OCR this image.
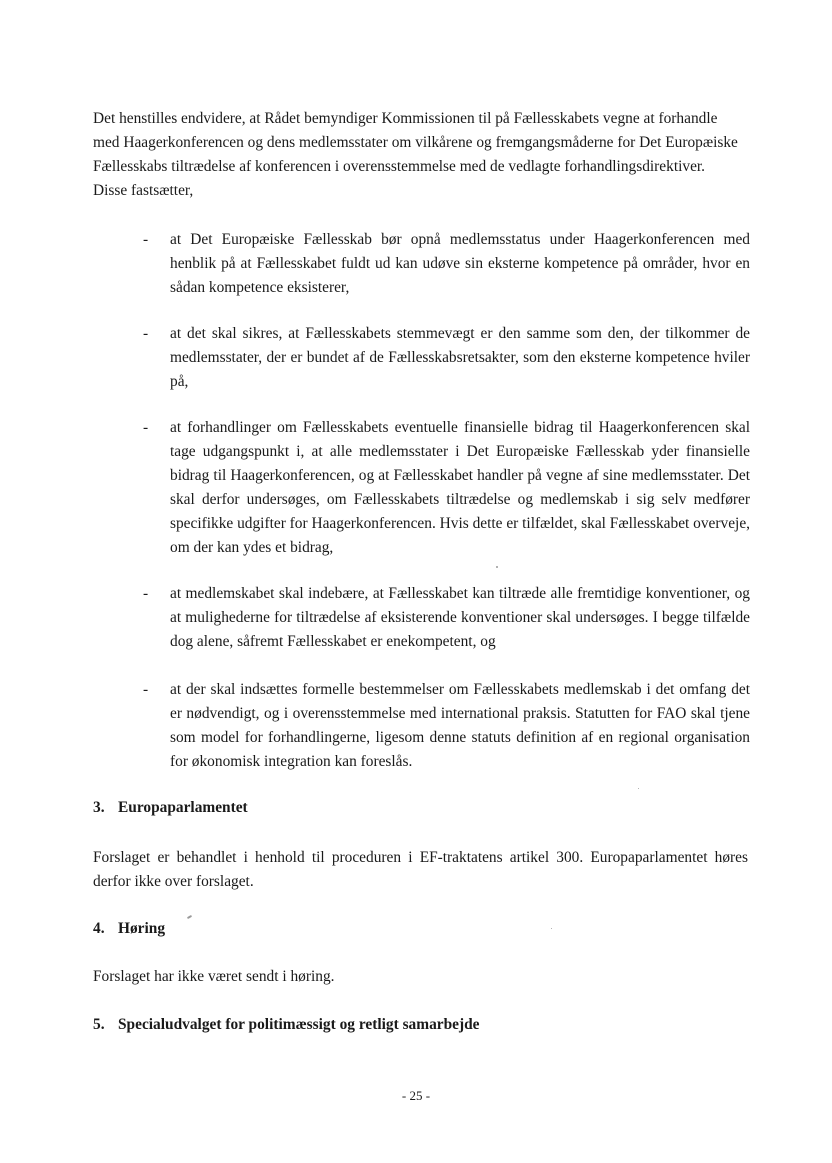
Det henstilles endvidere, at Rådet bemyndiger Kommissionen til på Fællesskabets vegne at forhandle med Haagerkonferencen og dens medlemsstater om vilkårene og fremgangsmåderne for Det Europæiske Fællesskabs tiltrædelse af konferencen i overensstemmelse med de vedlagte forhandlingsdirektiver. Disse fastsætter,
-	at Det Europæiske Fællesskab bør opnå medlemsstatus under Haagerkonferencen med henblik på at Fællesskabet fuldt ud kan udøve sin eksterne kompetence på områder, hvor en sådan kompetence eksisterer,
-	at det skal sikres, at Fællesskabets stemmevægt er den samme som den, der tilkommer de medlemsstater, der er bundet af de Fællesskabsretsakter, som den eksterne kompetence hviler på,
-	at forhandlinger om Fællesskabets eventuelle finansielle bidrag til Haagerkonferencen skal tage udgangspunkt i, at alle medlemsstater i Det Europæiske Fællesskab yder finansielle bidrag til Haagerkonferencen, og at Fællesskabet handler på vegne af sine medlemsstater. Det skal derfor undersøges, om Fællesskabets tiltrædelse og medlemskab i sig selv medfører specifikke udgifter for Haagerkonferencen. Hvis dette er tilfældet, skal Fællesskabet overveje, om der kan ydes et bidrag,
-	at medlemskabet skal indebære, at Fællesskabet kan tiltræde alle fremtidige konventioner, og at mulighederne for tiltrædelse af eksisterende konventioner skal undersøges. I begge tilfælde dog alene, såfremt Fællesskabet er enekompetent, og
-	at der skal indsættes formelle bestemmelser om Fællesskabets medlemskab i det omfang det er nødvendigt, og i overensstemmelse med international praksis. Statutten for FAO skal tjene som model for forhandlingerne, ligesom denne statuts definition af en regional organisation for økonomisk integration kan foreslås.
3. Europaparlamentet
Forslaget er behandlet i henhold til proceduren i EF-traktatens artikel 300. Europaparlamentet høres derfor ikke over forslaget.
4. Høring
Forslaget har ikke været sendt i høring.
5. Specialudvalget for politimæssigt og retligt samarbejde
- 25 -
